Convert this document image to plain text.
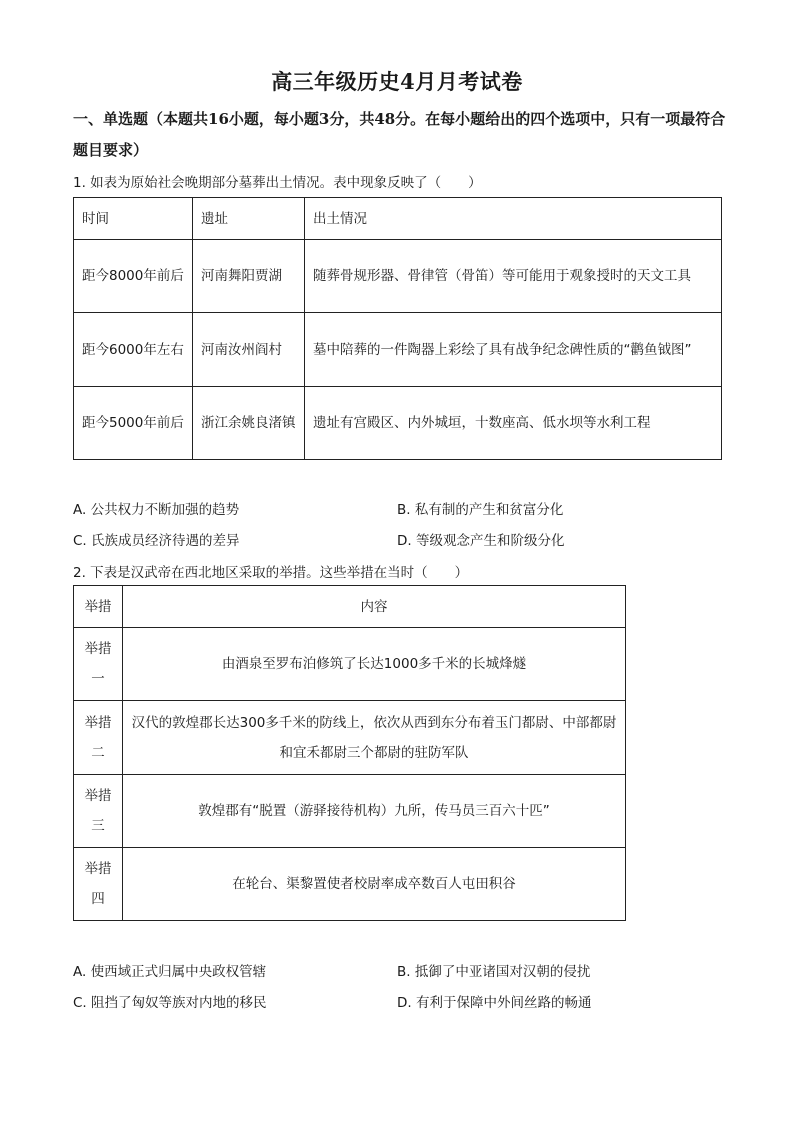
高三年级历史4月月考试卷
一、单选题（本题共16小题，每小题3分，共48分。在每小题给出的四个选项中，只有一项最符合题目要求）
1. 如表为原始社会晚期部分墓葬出土情况。表中现象反映了（　　）
时间	遗址	出土情况
距今8000年前后	河南舞阳贾湖	随葬骨规形器、骨律管（骨笛）等可能用于观象授时的天文工具
距今6000年左右	河南汝州阎村	墓中陪葬的一件陶器上彩绘了具有战争纪念碑性质的“鹳鱼钺图”
距今5000年前后	浙江余姚良渚镇	遗址有宫殿区、内外城垣，十数座高、低水坝等水利工程
A. 公共权力不断加强的趋势	B. 私有制的产生和贫富分化
C. 氏族成员经济待遇的差异	D. 等级观念产生和阶级分化
2. 下表是汉武帝在西北地区采取的举措。这些举措在当时（　　）
举措	内容
举措一	由酒泉至罗布泊修筑了长达1000多千米的长城烽燧
举措二	汉代的敦煌郡长达300多千米的防线上，依次从西到东分布着玉门都尉、中部都尉和宜禾都尉三个都尉的驻防军队
举措三	敦煌郡有“脱置（游驿接待机构）九所，传马员三百六十匹”
举措四	在轮台、渠黎置使者校尉率成卒数百人屯田积谷
A. 使西域正式归属中央政权管辖	B. 抵御了中亚诸国对汉朝的侵扰
C. 阻挡了匈奴等族对内地的移民	D. 有利于保障中外间丝路的畅通
